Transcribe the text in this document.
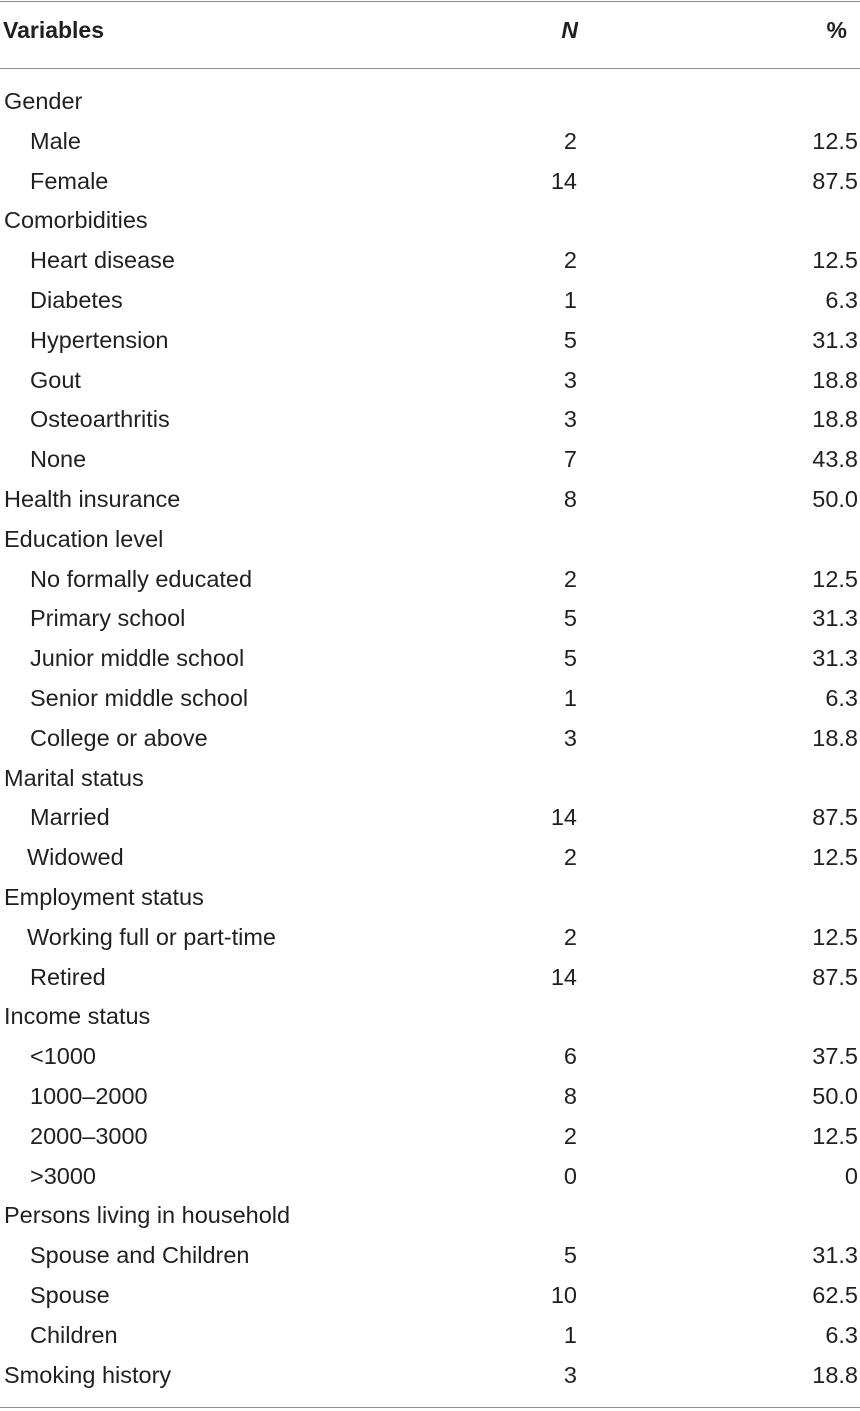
Variables	N	%
Gender
Male	2	12.5
Female	14	87.5
Comorbidities
Heart disease	2	12.5
Diabetes	1	6.3
Hypertension	5	31.3
Gout	3	18.8
Osteoarthritis	3	18.8
None	7	43.8
Health insurance	8	50.0
Education level
No formally educated	2	12.5
Primary school	5	31.3
Junior middle school	5	31.3
Senior middle school	1	6.3
College or above	3	18.8
Marital status
Married	14	87.5
Widowed	2	12.5
Employment status
Working full or part-time	2	12.5
Retired	14	87.5
Income status
<1000	6	37.5
1000–2000	8	50.0
2000–3000	2	12.5
>3000	0	0
Persons living in household
Spouse and Children	5	31.3
Spouse	10	62.5
Children	1	6.3
Smoking history	3	18.8
